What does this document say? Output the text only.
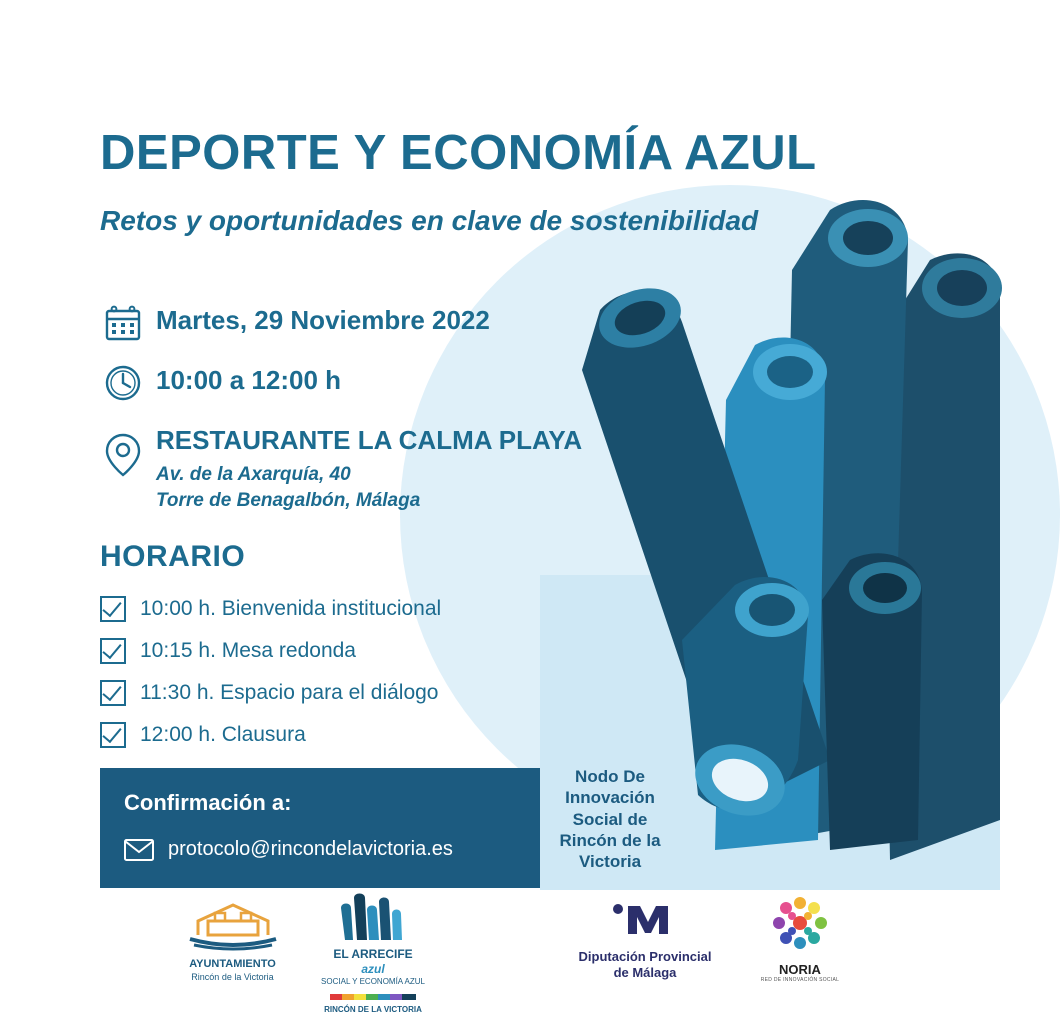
DEPORTE Y ECONOMÍA AZUL
Retos y oportunidades en clave de sostenibilidad
Martes, 29 Noviembre 2022
10:00 a 12:00 h
RESTAURANTE LA CALMA PLAYA
Av. de la Axarquía, 40
Torre de Benagalbón, Málaga
HORARIO
10:00 h. Bienvenida institucional
10:15 h. Mesa redonda
11:30 h. Espacio para el diálogo
12:00 h. Clausura
Confirmación a:
protocolo@rincondelavictoria.es
Nodo De Innovación Social de Rincón de la Victoria
AYUNTAMIENTO
Rincón de la Victoria
EL ARRECIFE
azul
SOCIAL Y ECONOMÍA AZUL
RINCÓN DE LA VICTORIA
Diputación Provincial
de Málaga	NORIA
RED DE INNOVACIÓN SOCIAL
